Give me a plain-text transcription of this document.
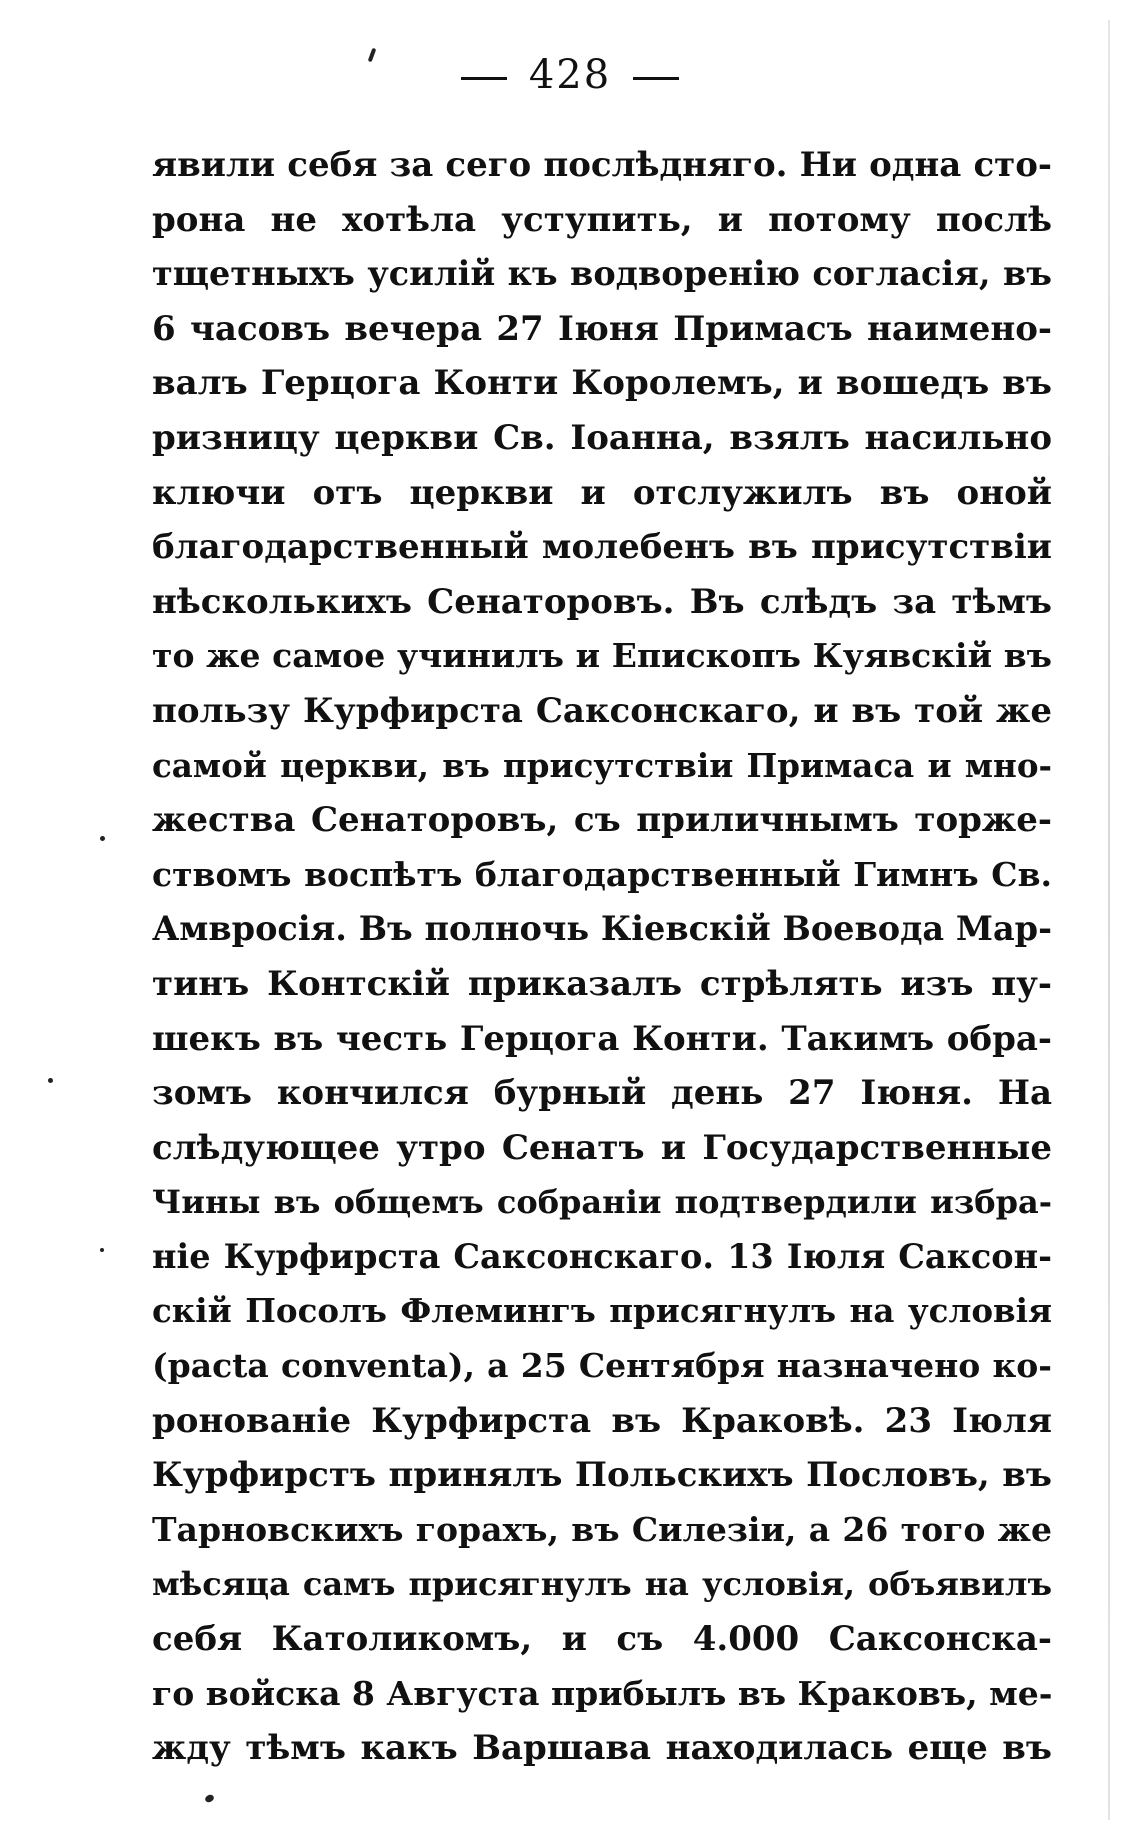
428
явили себя за сего послѣдняго. Ни одна сто-
рона не хотѣла уступить, и потому послѣ
тщетныхъ усилій къ водворенію согласія, въ
6 часовъ вечера 27 Іюня Примасъ наимено-
валъ Герцога Конти Королемъ, и вошедъ въ
ризницу церкви Св. Іоанна, взялъ насильно
ключи отъ церкви и отслужилъ въ оной
благодарственный молебенъ въ присутствіи
нѣсколькихъ Сенаторовъ. Въ слѣдъ за тѣмъ
то же самое учинилъ и Епископъ Куявскій въ
пользу Курфирста Саксонскаго, и въ той же
самой церкви, въ присутствіи Примаса и мно-
жества Сенаторовъ, съ приличнымъ торже-
ствомъ воспѣтъ благодарственный Гимнъ Св.
Амвросія. Въ полночь Кіевскій Воевода Мар-
тинъ Контскій приказалъ стрѣлять изъ пу-
шекъ въ честь Герцога Конти. Такимъ обра-
зомъ кончился бурный день 27 Іюня. На
слѣдующее утро Сенатъ и Государственные
Чины въ общемъ собраніи подтвердили избра-
ніе Курфирста Саксонскаго. 13 Іюля Саксон-
скій Посолъ Флемингъ присягнулъ на условія
(pacta conventa), а 25 Сентября назначено ко-
ронованіе Курфирста въ Краковѣ. 23 Іюля
Курфирстъ принялъ Польскихъ Пословъ, въ
Тарновскихъ горахъ, въ Силезіи, а 26 того же
мѣсяца самъ присягнулъ на условія, объявилъ
себя Католикомъ, и съ 4.000 Саксонска-
го войска 8 Августа прибылъ въ Краковъ, ме-
жду тѣмъ какъ Варшава находилась еще въ
